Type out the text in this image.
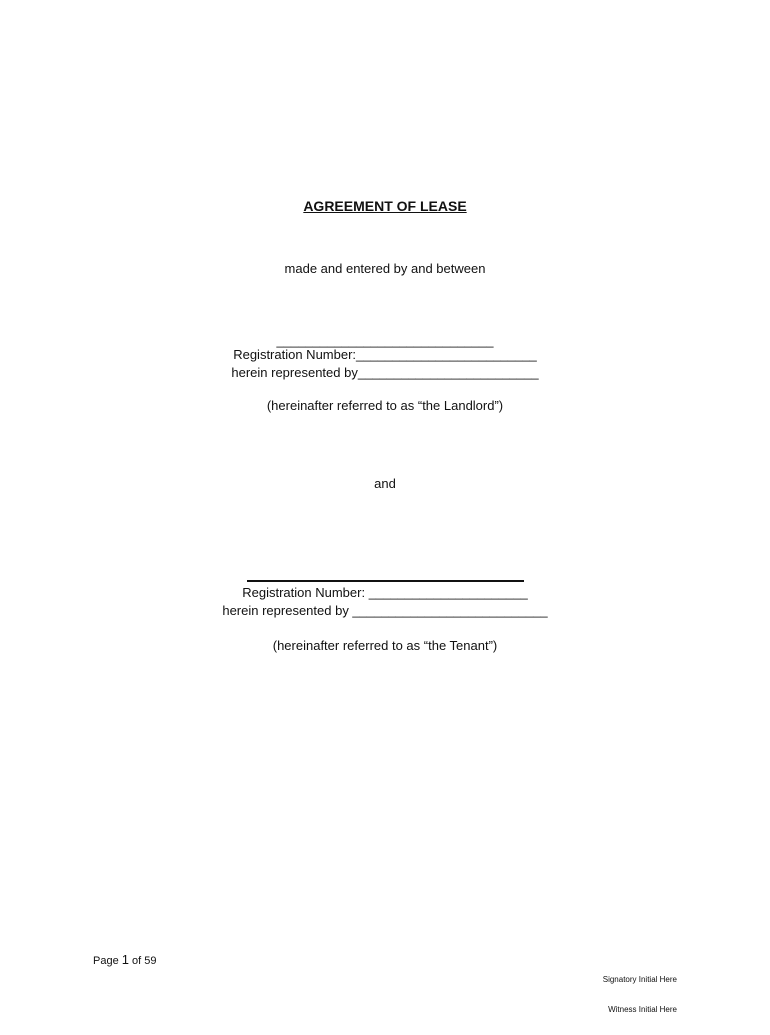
AGREEMENT OF LEASE
made and entered by and between
______________________________
Registration Number:_________________________
herein represented by_________________________
(hereinafter referred to as “the Landlord”)
and
Registration Number: ______________________
herein represented by ___________________________
(hereinafter referred to as “the Tenant”)
Page 1 of 59

Signatory Initial Here

Witness Initial Here
